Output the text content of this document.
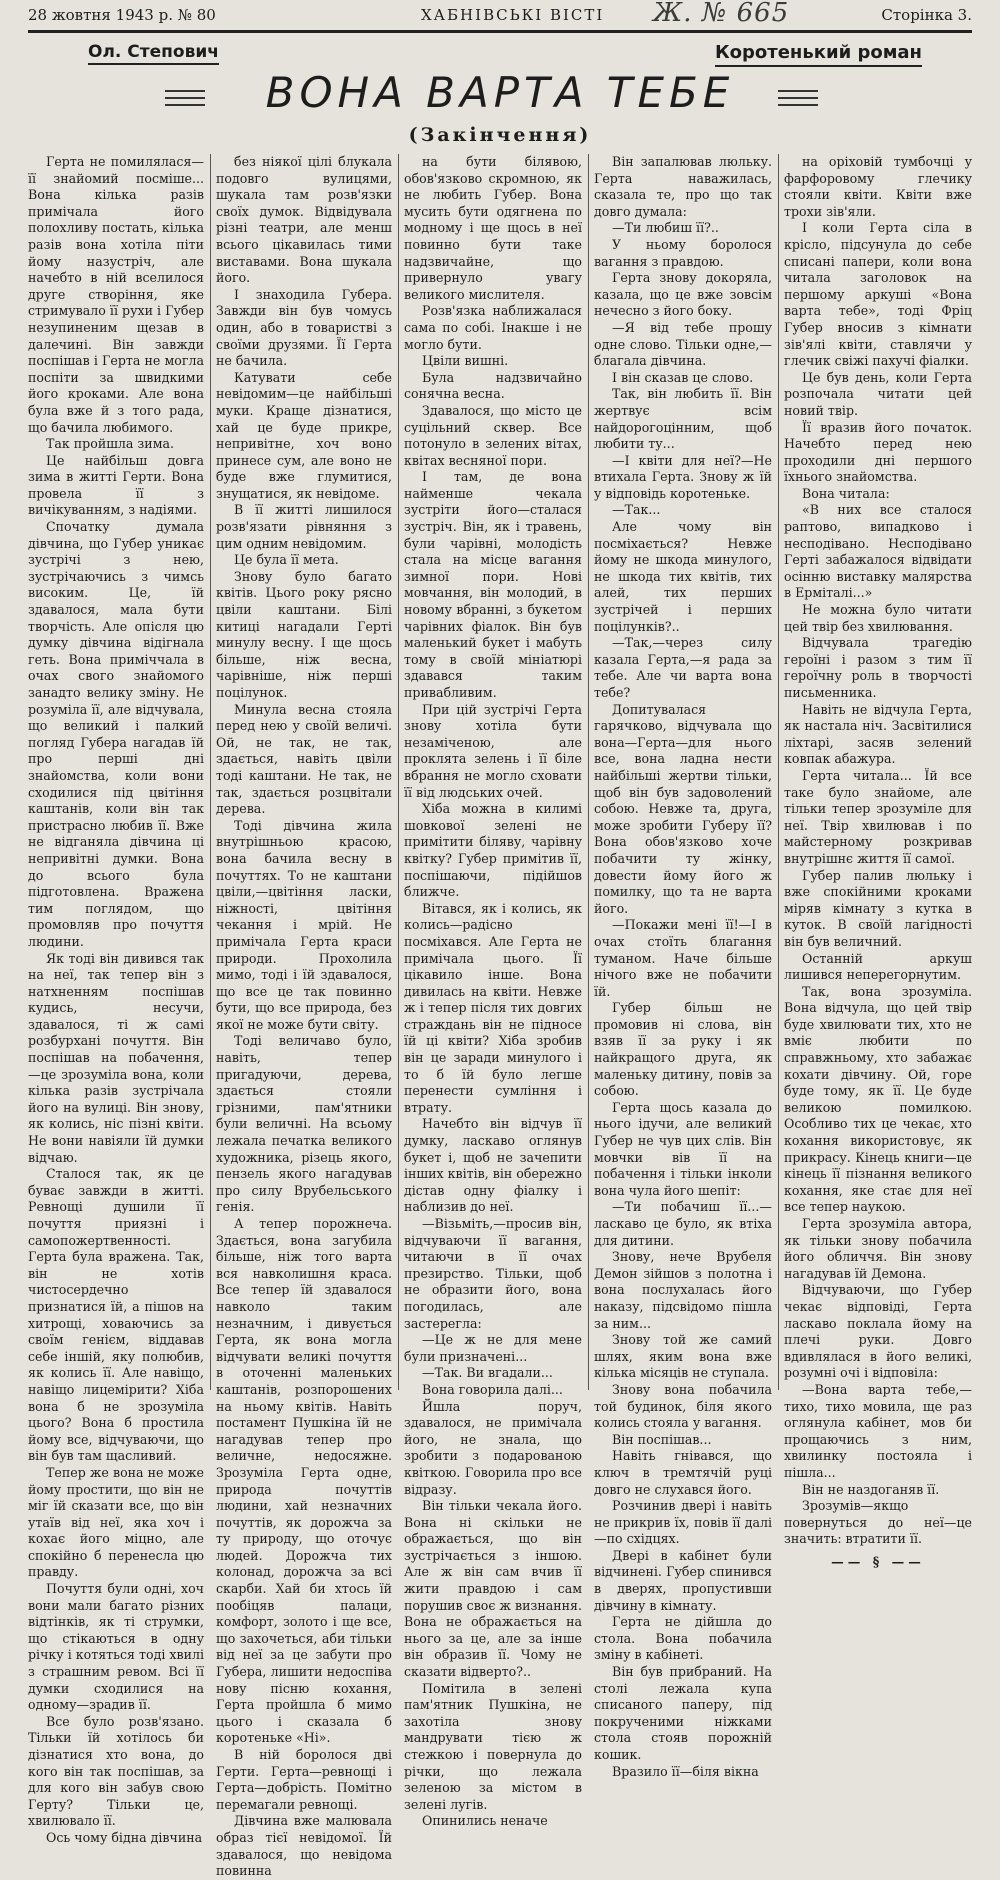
28 жовтня 1943 р. № 80	ХАБНІВСЬКІ ВІСТІ Ж. № 665	Сторінка 3.
Ол. Степович	Коротенький роман
ВОНА ВАРТА ТЕБЕ
(Закінчення)

Герта не помилялася—її знайомий посміше... Вона кілька разів примічала його полохливу постать, кілька разів вона хотіла піти йому назустріч, але начебто в ній вселилося друге створіння, яке стримувало її рухи і Губер незупиненим щезав в далечині. Він завжди поспішав і Герта не могла поспіти за швидкими його кроками. Але вона була вже й з того рада, що бачила любимого.

Так пройшла зима.

Це найбільш довга зима в житті Герти. Вона провела її з вичікуванням, з надіями.

Спочатку думала дівчина, що Губер уникає зустрічі з нею, зустрічаючись з чимсь високим. Це, їй здавалося, мала бути творчість. Але опісля цю думку дівчина відігнала геть. Вона приміччала в очах свого знайомого занадто велику зміну. Не розуміла її, але відчувала, що великий і палкий погляд Губера нагадав їй про перші дні знайомства, коли вони сходилися під цвітіння каштанів, коли він так пристрасно любив її. Вже не відганяла дівчина ці непривітні думки. Вона до всього була підготовлена. Вражена тим поглядом, що промовляв про почуття людини.

Як тоді він дивився так на неї, так тепер він з натхненням поспішав кудись, несучи, здавалося, ті ж самі розбурхані почуття. Він поспішав на побачення, —це зрозуміла вона, коли кілька разів зустрічала його на вулиці. Він знову, як колись, ніс пізні квіти. Не вони навіяли їй думки відчаю.

Сталося так, як це буває завжди в житті. Ревнощі душили її почуття приязні і самопожертвенності. Герта була вражена. Так, він не хотів чистосердечно признатися їй, а пішов на хитрощі, ховаючись за своїм генієм, віддавав себе іншій, яку полюбив, як колись її. Але навіщо, навіщо лицемірити? Хіба вона б не зрозуміла цього? Вона б простила йому все, відчуваючи, що він був там щасливий.

Тепер же вона не може йому простити, що він не міг їй сказати все, що він утаїв від неї, яка хоч і кохає його міцно, але спокійно б перенесла цю правду.

Почуття були одні, хоч вони мали багато різних відтінків, як ті струмки, що стікаються в одну річку і котяться тоді хвилі з страшним ревом. Всі її думки сходилися на одному—зрадив її.

Все було розв'язано. Тільки їй хотілось би дізнатися хто вона, до кого він так поспішав, за для кого він забув свою Герту? Тільки це, хвилювало її.

Ось чому бідна дівчина

без ніякої цілі блукала подовго вулицями, шукала там розв'язки своїх думок. Відвідувала різні театри, але менш всього цікавилась тими виставами. Вона шукала його.

І знаходила Губера. Завжди він був чомусь один, або в товаристві з своїми друзями. Її Герта не бачила.

Катувати себе невідомим—це найбільші муки. Краще дізнатися, хай це буде прикре, непривітне, хоч воно принесе сум, але воно не буде вже глумитися, знущатися, як невідоме.

В її житті лишилося розв'язати рівняння з цим одним невідомим.

Це була її мета.

Знову було багато квітів. Цього року рясно цвіли каштани. Білі китиці нагадали Герті минулу весну. І ще щось більше, ніж весна, чарівніше, ніж перші поцілунок.

Минула весна стояла перед нею у своїй величі. Ой, не так, не так, здається, навіть цвіли тоді каштани. Не так, не так, здається розцвітали дерева.

Тоді дівчина жила внутрішньою красою, вона бачила весну в почуттях. То не каштани цвіли,—цвітіння ласки, ніжності, цвітіння чекання і мрій. Не примічала Герта краси природи. Прохолила мимо, тоді і їй здавалося, що все це так повинно бути, що все природа, без якої не може бути світу.

Тоді величаво було, навіть, тепер пригадуючи, дерева, здається стояли грізними, пам'ятники були величні. На всьому лежала печатка великого художника, різець якого, пензель якого нагадував про силу Врубельського генія.

А тепер порожнеча. Здається, вона загубила більше, ніж того варта вся навколишня краса. Все тепер їй здавалося навколо таким незначним, і дивується Герта, як вона могла відчувати великі почуття в оточенні маленьких каштанів, розпорошених на ньому квітів. Навіть постамент Пушкіна їй не нагадував тепер про величне, недосяжне. Зрозуміла Герта одне, природа почуттів людини, хай незначних почуттів, як дорожча за ту природу, що оточує людей. Дорожча тих колонад, дорожча за всі скарби. Хай би хтось їй пообіцяв палаци, комфорт, золото і ще все, що захочеться, аби тільки від неї за це забути про Губера, лишити недоспіва нову пісню кохання, Герта пройшла б мимо цього і сказала б коротеньке «Ні».

В ній боролося дві Герти. Герта—ревнощі і Герта—добрість. Помітно перемагали ревнощі.

Дівчина вже малювала образ тієї невідомої. Їй здавалося, що невідома повинна

на бути білявою, обов'язково скромною, як не любить Губер. Вона мусить бути одягнена по модному і ще щось в неї повинно бути таке надзвичайне, що привернуло увагу великого мислителя.

Розв'язка наближалася сама по собі. Інакше і не могло бути.

Цвіли вишні.

Була надзвичайно сонячна весна.

Здавалося, що місто це суцільний сквер. Все потонуло в зелених вітах, квітах весняної пори.

І там, де вона найменше чекала зустріти його—сталася зустріч. Він, як і травень, були чарівні, молодість стала на місце вагання зимної пори. Нові мовчання, він молодий, в новому вбранні, з букетом чарівних фіалок. Він був маленький букет і мабуть тому в своїй мініатюрі здавався таким привабливим.

При цій зустрічі Герта знову хотіла бути незаміченою, але проклята зелень і її біле вбрання не могло сховати її від людських очей.

Хіба можна в килимі шовкової зелені не примітити біляву, чарівну квітку? Губер примітив її, поспішаючи, підійшов ближче.

Вітався, як і колись, як колись—радісно посміхався. Але Герта не примічала цього. Її цікавило інше. Вона дивилась на квіти. Невже ж і тепер після тих довгих страждань він не підносе їй ці квіти? Хіба зробив він це заради минулого і то б їй було легше перенести сумління і втрату.

Начебто він відчув її думку, ласкаво оглянув букет і, щоб не зачепити інших квітів, він обережно дістав одну фіалку і наблизив до неї.

—Візьміть,—просив він, відчуваючи її вагання, читаючи в її очах презирство. Тільки, щоб не образити його, вона погодилась, але застерегла:

—Це ж не для мене були призначені...

—Так. Ви вгадали...

Вона говорила далі...

Йшла поруч, здавалося, не примічала його, не знала, що зробити з подарованою квіткою. Говорила про все відразу.

Він тільки чекала його. Вона ні скільки не ображається, що він зустрічається з іншою. Але ж він сам вчив її жити правдою і сам порушив своє ж визнання. Вона не ображається на нього за це, але за інше він образив її. Чому не сказати відверто?..

Помітила в зелені пам'ятник Пушкіна, не захотіла знову мандрувати тією ж стежкою і повернула до річки, що лежала зеленою за містом в зелені лугів.

Опинились неначе

Він запалював люльку. Герта наважилась, сказала те, про що так довго думала:

—Ти любиш її?..

У ньому боролося вагання з правдою.

Герта знову докоряла, казала, що це вже зовсім нечесно з його боку.

—Я від тебе прошу одне слово. Тільки одне,—благала дівчина.

І він сказав це слово.

Так, він любить її. Він жертвує всім найдорогоцінним, щоб любити ту...

—І квіти для неї?—Не втихала Герта. Знову ж їй у відповідь коротеньке.

—Так...

Але чому він посміхається? Невже йому не шкода минулого, не шкода тих квітів, тих алей, тих перших зустрічей і перших поцілунків?..

—Так,—через силу казала Герта,—я рада за тебе. Але чи варта вона тебе?

Допитувалася гарячково, відчувала що вона—Герта—для нього все, вона ладна нести найбільші жертви тільки, щоб він був задоволений собою. Невже та, друга, може зробити Губеру її? Вона обов'язково хоче побачити ту жінку, довести йому його ж помилку, що та не варта його.

—Покажи мені її!—І в очах стоїть благання туманом. Наче більше нічого вже не побачити їй.

Губер більш не промовив ні слова, він взяв її за руку і як найкращого друга, як маленьку дитину, повів за собою.

Герта щось казала до нього ідучи, але великий Губер не чув цих слів. Він мовчки вів її на побачення і тільки інколи вона чула його шепіт:

—Ти побачиш її...—ласкаво це було, як втіха для дитини.

Знову, нече Врубеля Демон зійшов з полотна і вона послухалась його наказу, підсвідомо пішла за ним...

Знову той же самий шлях, яким вона вже кілька місяців не ступала.

Знову вона побачила той будинок, біля якого колись стояла у вагання.

Він поспішав...

Навіть гнівався, що ключ в тремтячій руці довго не слухався його.

Розчинив двері і навіть не прикрив їх, повів її далі—по східцях.

Двері в кабінет були відчинені. Губер спинився в дверях, пропустивши дівчину в кімнату.

Герта не дійшла до стола. Вона побачила зміну в кабінеті.

Він був прибраний. На столі лежала купа списаного паперу, під покрученими ніжками стола стояв порожній кошик.

Вразило її—біля вікна

на оріховій тумбочці у фарфоровому глечику стояли квіти. Квіти вже трохи зів'яли.

І коли Герта сіла в крісло, підсунула до себе списані папери, коли вона читала заголовок на першому аркуші «Вона варта тебе», тоді Фріц Губер вносив з кімнати зів'ялі квіти, ставлячи у глечик свіжі пахучі фіалки.

Це був день, коли Герта розпочала читати цей новий твір.

Її вразив його початок. Начебто перед нею проходили дні першого їхнього знайомства.

Вона читала:

«В них все сталося раптово, випадково і несподівано. Несподівано Герті забажалося відвідати осінню виставку малярства в Ерміталі...»

Не можна було читати цей твір без хвилювання.

Відчувала трагедію героїні і разом з тим її героїчну роль в творчості письменника.

Навіть не відчула Герта, як настала ніч. Засвітилися ліхтарі, засяв зелений ковпак абажура.

Герта читала... Їй все таке було знайоме, але тільки тепер зрозуміле для неї. Твір хвилював і по майстерному розкривав внутрішнє життя її самої.

Губер палив люльку і вже спокійними кроками міряв кімнату з кутка в куток. В своїй лагідності він був величний.

Останній аркуш лишився неперегорнутим.

Так, вона зрозуміла. Вона відчула, що цей твір буде хвилювати тих, хто не вміє любити по справжньому, хто забажає кохати дівчину. Ой, горе буде тому, як її. Це буде великою помилкою. Особливо тих це чекає, хто кохання використовує, як прикрасу. Кінець книги—це кінець її пізнання великого кохання, яке стає для неї все тепер наукою.

Герта зрозуміла автора, як тільки знову побачила його обличчя. Він знову нагадував їй Демона.

Відчуваючи, що Губер чекає відповіді, Герта ласкаво поклала йому на плечі руки. Довго вдивлялася в його великі, розумні очі і відповіла:

—Вона варта тебе,—тихо, тихо мовила, ще раз оглянула кабінет, мов би прощаючись з ним, хвилинку постояла і пішла...

Він не наздоганяв її.

Зрозумів—якщо повернуться до неї—це значить: втратити її.

—— § ——
